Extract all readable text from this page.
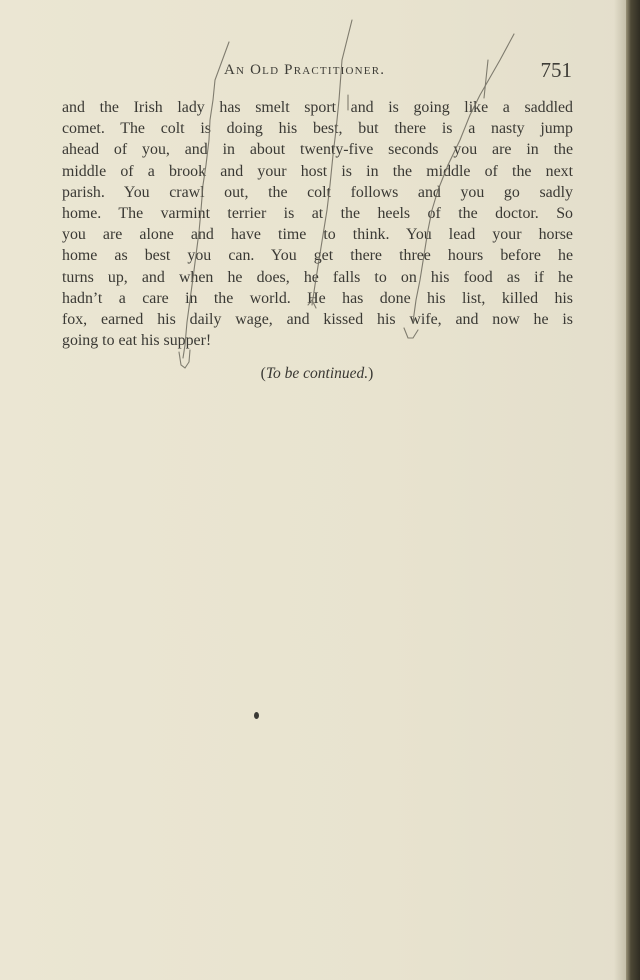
An Old Practitioner.	751
and the Irish lady has smelt sport and is going like a saddled
comet. The colt is doing his best, but there is a nasty jump
ahead of you, and in about twenty-five seconds you are in the
middle of a brook and your host is in the middle of the next
parish. You crawl out, the colt follows and you go sadly
home. The varmint terrier is at the heels of the doctor. So
you are alone and have time to think. You lead your horse
home as best you can. You get there three hours before he
turns up, and when he does, he falls to on his food as if he
hadn’t a care in the world. He has done his list, killed his
fox, earned his daily wage, and kissed his wife, and now he is
going to eat his supper!
(To be continued.)
